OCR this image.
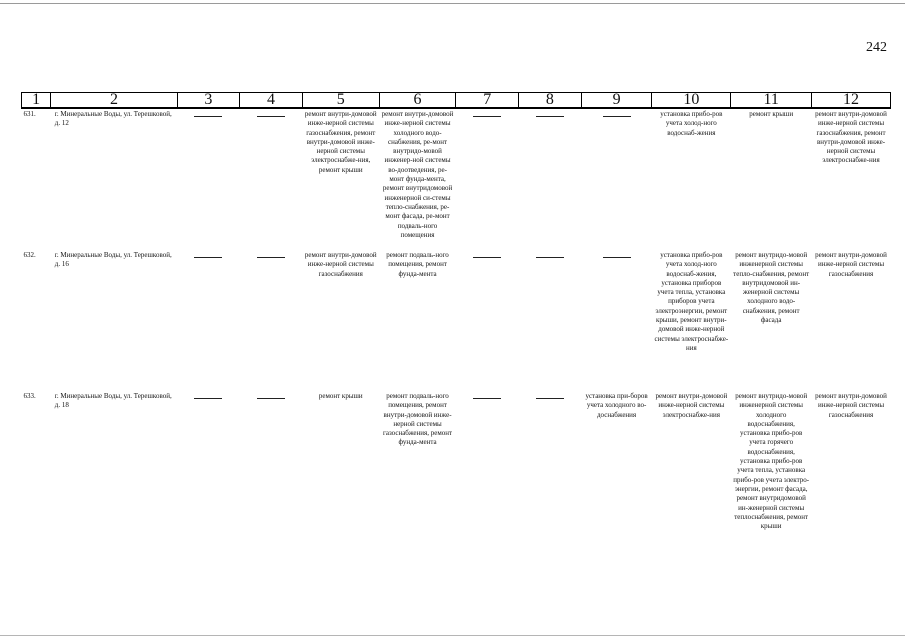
242
1	2	3	4	5	6	7	8	9	10	11	12
631.	г. Минеральные Воды, ул. Терешковой, д. 12			ремонт внутри-домовой инже-нерной системы газоснабжения, ремонт внутри-домовой инже-нерной системы электроснабже-ния, ремонт крыши	ремонт внутри-домовой инже-нерной системы холодного водо-снабжения, ре-монт внутридо-мовой инженер-ной системы во-доотведения, ре-монт фунда-мента, ремонт внутридомовой инженерной си-стемы тепло-снабжения, ре-монт фасада, ре-монт подваль-ного помещения				установка прибо-ров учета холод-ного водоснаб-жения	ремонт крыши	ремонт внутри-домовой инже-нерной системы газоснабжения, ремонт внутри-домовой инже-нерной системы электроснабже-ния
632.	г. Минеральные Воды, ул. Терешковой, д. 16			ремонт внутри-домовой инже-нерной системы газоснабжения	ремонт подваль-ного помещения, ремонт фунда-мента				установка прибо-ров учета холод-ного водоснаб-жения, установка приборов учета тепла, установка приборов учета электроэнергии, ремонт крыши, ремонт внутри-домовой инже-нерной системы электроснабже-ния	ремонт внутридо-мовой инженерной системы тепло-снабжения, ремонт внутридомовой ин-женерной системы холодного водо-снабжения, ремонт фасада	ремонт внутри-домовой инже-нерной системы газоснабжения
633.	г. Минеральные Воды, ул. Терешковой, д. 18			ремонт крыши	ремонт подваль-ного помещения, ремонт внутри-домовой инже-нерной системы газоснабжения, ремонт фунда-мента			установка при-боров учета холодного во-доснабжения	ремонт внутри-домовой инже-нерной системы электроснабже-ния	ремонт внутридо-мовой инженерной системы холодного водоснабжения, установка прибо-ров учета горячего водоснабжения, установка прибо-ров учета тепла, установка прибо-ров учета электро-энергии, ремонт фасада, ремонт внутридомовой ин-женерной системы теплоснабжения, ремонт крыши	ремонт внутри-домовой инже-нерной системы газоснабжения
